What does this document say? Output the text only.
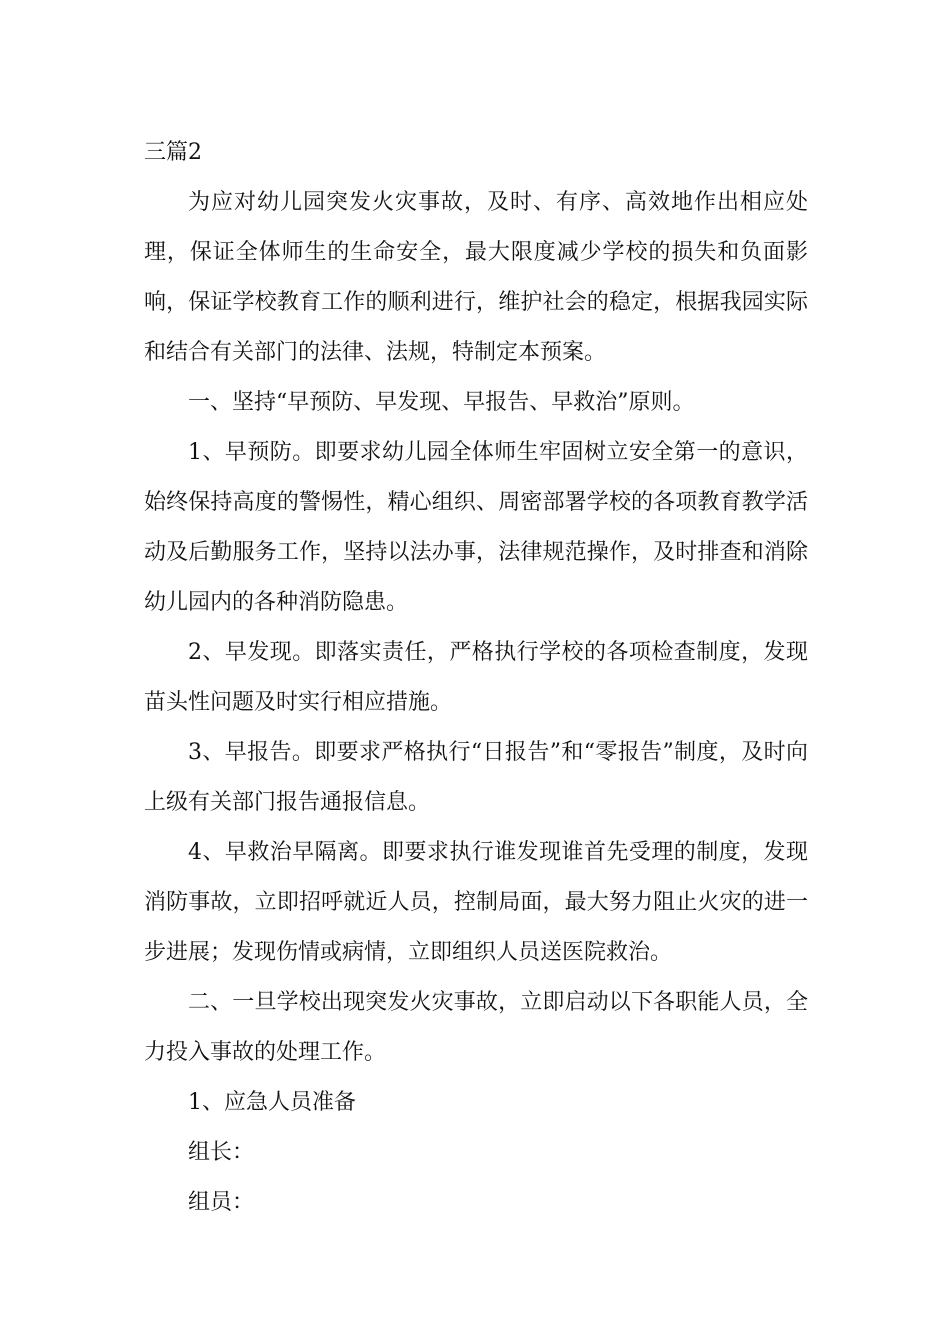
三篇2

为应对幼儿园突发火灾事故，及时、有序、高效地作出相应处理，保证全体师生的生命安全，最大限度减少学校的损失和负面影响，保证学校教育工作的顺利进行，维护社会的稳定，根据我园实际和结合有关部门的法律、法规，特制定本预案。

一、坚持“早预防、早发现、早报告、早救治”原则。

1、早预防。即要求幼儿园全体师生牢固树立安全第一的意识，始终保持高度的警惕性，精心组织、周密部署学校的各项教育教学活动及后勤服务工作，坚持以法办事，法律规范操作，及时排查和消除幼儿园内的各种消防隐患。

2、早发现。即落实责任，严格执行学校的各项检查制度，发现苗头性问题及时实行相应措施。

3、早报告。即要求严格执行“日报告”和“零报告”制度，及时向上级有关部门报告通报信息。

4、早救治早隔离。即要求执行谁发现谁首先受理的制度，发现消防事故，立即招呼就近人员，控制局面，最大努力阻止火灾的进一步进展；发现伤情或病情，立即组织人员送医院救治。

二、一旦学校出现突发火灾事故，立即启动以下各职能人员，全力投入事故的处理工作。

1、应急人员准备

组长：

组员：
